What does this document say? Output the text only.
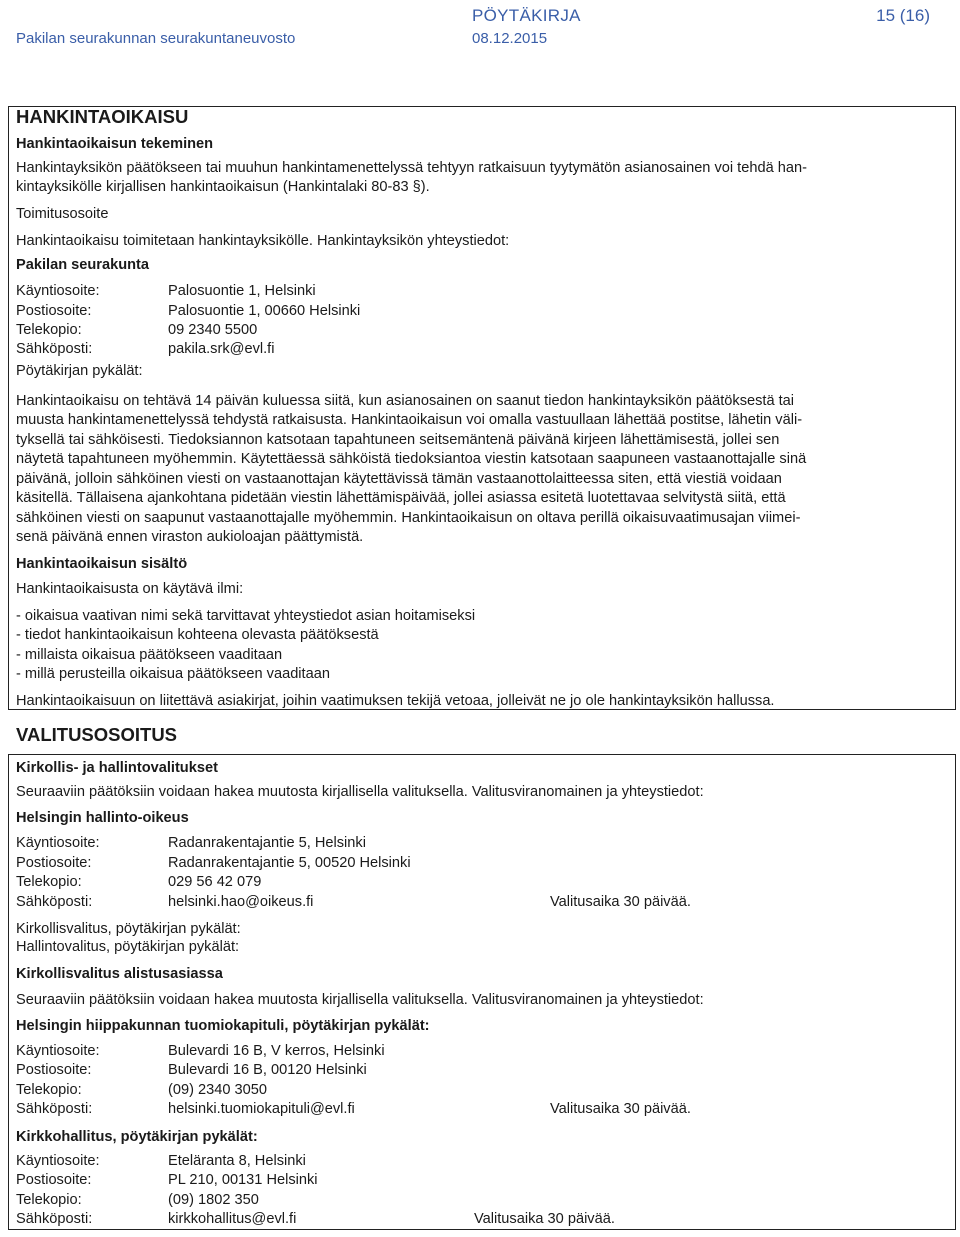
PÖYTÄKIRJA	15 (16)
Pakilan seurakunnan seurakuntaneuvosto	08.12.2015
HANKINTAOIKAISU
Hankintaoikaisun tekeminen
Hankintayksikön päätökseen tai muuhun hankintamenettelyssä tehtyyn ratkaisuun tyytymätön asianosainen voi tehdä han-
kintayksikölle kirjallisen hankintaoikaisun (Hankintalaki 80-83 §).
Toimitusosoite
Hankintaoikaisu toimitetaan hankintayksikölle. Hankintayksikön yhteystiedot:
Pakilan seurakunta
Käyntiosoite:	Palosuontie 1, Helsinki
Postiosoite:	Palosuontie 1, 00660 Helsinki
Telekopio:	09 2340 5500
Sähköposti:	pakila.srk@evl.fi
Pöytäkirjan pykälät:
Hankintaoikaisu on tehtävä 14 päivän kuluessa siitä, kun asianosainen on saanut tiedon hankintayksikön päätöksestä tai
muusta hankintamenettelyssä tehdystä ratkaisusta. Hankintaoikaisun voi omalla vastuullaan lähettää postitse, lähetin väli-
tyksellä tai sähköisesti. Tiedoksiannon katsotaan tapahtuneen seitsemäntenä päivänä kirjeen lähettämisestä, jollei sen
näytetä tapahtuneen myöhemmin. Käytettäessä sähköistä tiedoksiantoa viestin katsotaan saapuneen vastaanottajalle sinä
päivänä, jolloin sähköinen viesti on vastaanottajan käytettävissä tämän vastaanottolaitteessa siten, että viestiä voidaan
käsitellä. Tällaisena ajankohtana pidetään viestin lähettämispäivää, jollei asiassa esitetä luotettavaa selvitystä siitä, että
sähköinen viesti on saapunut vastaanottajalle myöhemmin. Hankintaoikaisun on oltava perillä oikaisuvaatimusajan viimei-
senä päivänä ennen viraston aukioloajan päättymistä.
Hankintaoikaisun sisältö
Hankintaoikaisusta on käytävä ilmi:
- oikaisua vaativan nimi sekä tarvittavat yhteystiedot asian hoitamiseksi
- tiedot hankintaoikaisun kohteena olevasta päätöksestä
- millaista oikaisua päätökseen vaaditaan
- millä perusteilla oikaisua päätökseen vaaditaan
Hankintaoikaisuun on liitettävä asiakirjat, joihin vaatimuksen tekijä vetoaa, jolleivät ne jo ole hankintayksikön hallussa.
VALITUSOSOITUS
Kirkollis- ja hallintovalitukset
Seuraaviin päätöksiin voidaan hakea muutosta kirjallisella valituksella. Valitusviranomainen ja yhteystiedot:
Helsingin hallinto-oikeus
Käyntiosoite:	Radanrakentajantie 5, Helsinki
Postiosoite:	Radanrakentajantie 5, 00520 Helsinki
Telekopio:	029 56 42 079
Sähköposti:	helsinki.hao@oikeus.fi	Valitusaika 30 päivää.
Kirkollisvalitus, pöytäkirjan pykälät:
Hallintovalitus, pöytäkirjan pykälät:
Kirkollisvalitus alistusasiassa
Seuraaviin päätöksiin voidaan hakea muutosta kirjallisella valituksella. Valitusviranomainen ja yhteystiedot:
Helsingin hiippakunnan tuomiokapituli, pöytäkirjan pykälät:
Käyntiosoite:	Bulevardi 16 B, V kerros, Helsinki
Postiosoite:	Bulevardi 16 B, 00120 Helsinki
Telekopio:	(09) 2340 3050
Sähköposti:	helsinki.tuomiokapituli@evl.fi	Valitusaika 30 päivää.
Kirkkohallitus, pöytäkirjan pykälät:
Käyntiosoite:	Eteläranta 8, Helsinki
Postiosoite:	PL 210, 00131 Helsinki
Telekopio:	(09) 1802 350
Sähköposti:	kirkkohallitus@evl.fi	Valitusaika 30 päivää.
